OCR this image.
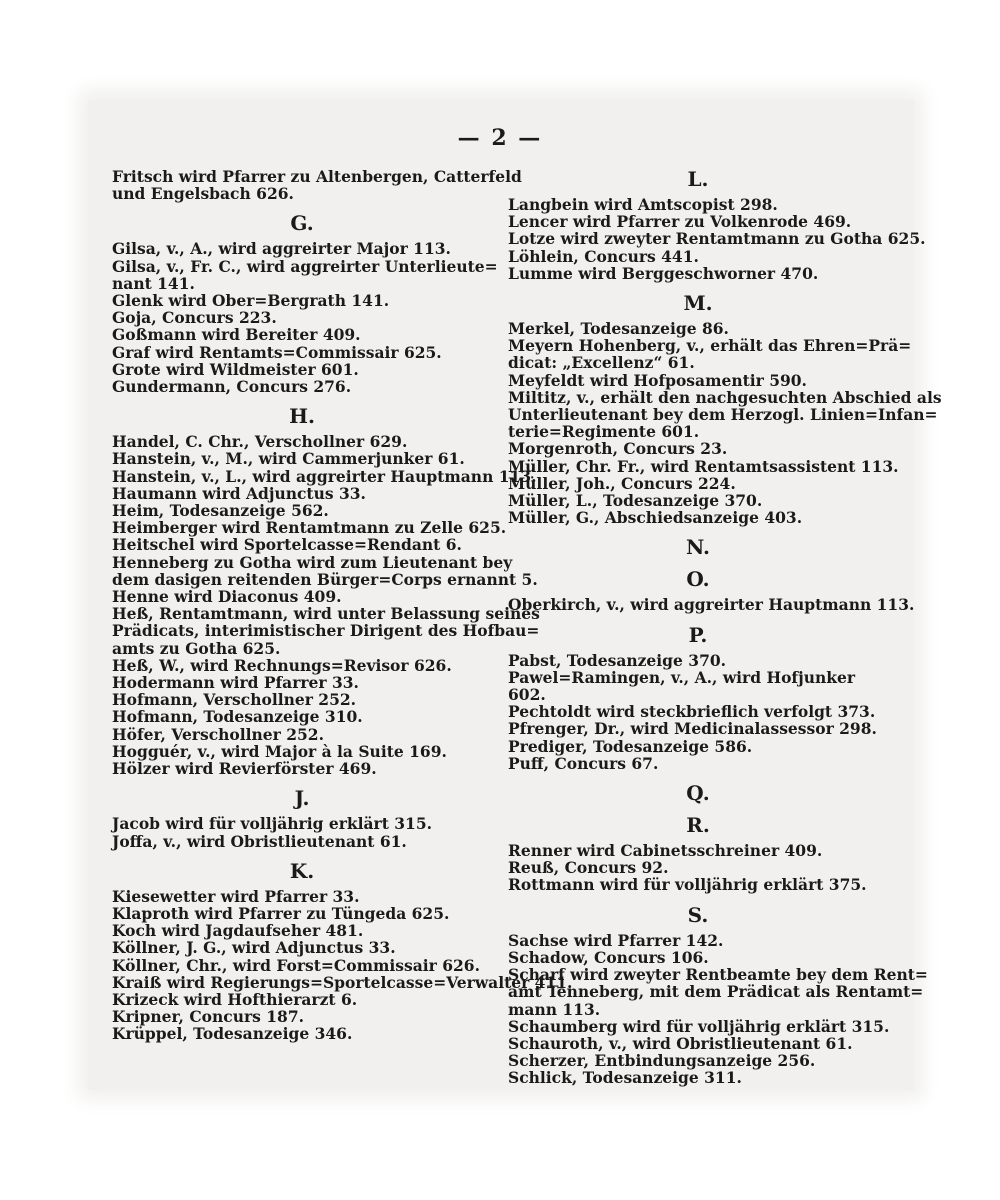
— 2 —
Fritsch wird Pfarrer zu Altenbergen, Catterfeld
und Engelsbach 626.
G.
Gilsa, v., A., wird aggreirter Major 113.
Gilsa, v., Fr. C., wird aggreirter Unterlieute=
nant 141.
Glenk wird Ober=Bergrath 141.
Goja, Concurs 223.
Goßmann wird Bereiter 409.
Graf wird Rentamts=Commissair 625.
Grote wird Wildmeister 601.
Gundermann, Concurs 276.
H.
Handel, C. Chr., Verschollner 629.
Hanstein, v., M., wird Cammerjunker 61.
Hanstein, v., L., wird aggreirter Hauptmann 113.
Haumann wird Adjunctus 33.
Heim, Todesanzeige 562.
Heimberger wird Rentamtmann zu Zelle 625.
Heitschel wird Sportelcasse=Rendant 6.
Henneberg zu Gotha wird zum Lieutenant bey
dem dasigen reitenden Bürger=Corps ernannt 5.
Henne wird Diaconus 409.
Heß, Rentamtmann, wird unter Belassung seines
Prädicats, interimistischer Dirigent des Hofbau=
amts zu Gotha 625.
Heß, W., wird Rechnungs=Revisor 626.
Hodermann wird Pfarrer 33.
Hofmann, Verschollner 252.
Hofmann, Todesanzeige 310.
Höfer, Verschollner 252.
Hogguér, v., wird Major à la Suite 169.
Hölzer wird Revierförster 469.
J.
Jacob wird für volljährig erklärt 315.
Joffa, v., wird Obristlieutenant 61.
K.
Kiesewetter wird Pfarrer 33.
Klaproth wird Pfarrer zu Tüngeda 625.
Koch wird Jagdaufseher 481.
Köllner, J. G., wird Adjunctus 33.
Köllner, Chr., wird Forst=Commissair 626.
Kraiß wird Regierungs=Sportelcasse=Verwalter 411.
Krizeck wird Hofthierarzt 6.
Kripner, Concurs 187.
Krüppel, Todesanzeige 346.
L.
Langbein wird Amtscopist 298.
Lencer wird Pfarrer zu Volkenrode 469.
Lotze wird zweyter Rentamtmann zu Gotha 625.
Löhlein, Concurs 441.
Lumme wird Berggeschworner 470.
M.
Merkel, Todesanzeige 86.
Meyern Hohenberg, v., erhält das Ehren=Prä=
dicat: „Excellenz“ 61.
Meyfeldt wird Hofposamentir 590.
Miltitz, v., erhält den nachgesuchten Abschied als
Unterlieutenant bey dem Herzogl. Linien=Infan=
terie=Regimente 601.
Morgenroth, Concurs 23.
Müller, Chr. Fr., wird Rentamtsassistent 113.
Müller, Joh., Concurs 224.
Müller, L., Todesanzeige 370.
Müller, G., Abschiedsanzeige 403.
N.
O.
Oberkirch, v., wird aggreirter Hauptmann 113.
P.
Pabst, Todesanzeige 370.
Pawel=Ramingen, v., A., wird Hofjunker
602.
Pechtoldt wird steckbrieflich verfolgt 373.
Pfrenger, Dr., wird Medicinalassessor 298.
Prediger, Todesanzeige 586.
Puff, Concurs 67.
Q.
R.
Renner wird Cabinetsschreiner 409.
Reuß, Concurs 92.
Rottmann wird für volljährig erklärt 375.
S.
Sachse wird Pfarrer 142.
Schadow, Concurs 106.
Scharf wird zweyter Rentbeamte bey dem Rent=
amt Tenneberg, mit dem Prädicat als Rentamt=
mann 113.
Schaumberg wird für volljährig erklärt 315.
Schauroth, v., wird Obristlieutenant 61.
Scherzer, Entbindungsanzeige 256.
Schlick, Todesanzeige 311.
